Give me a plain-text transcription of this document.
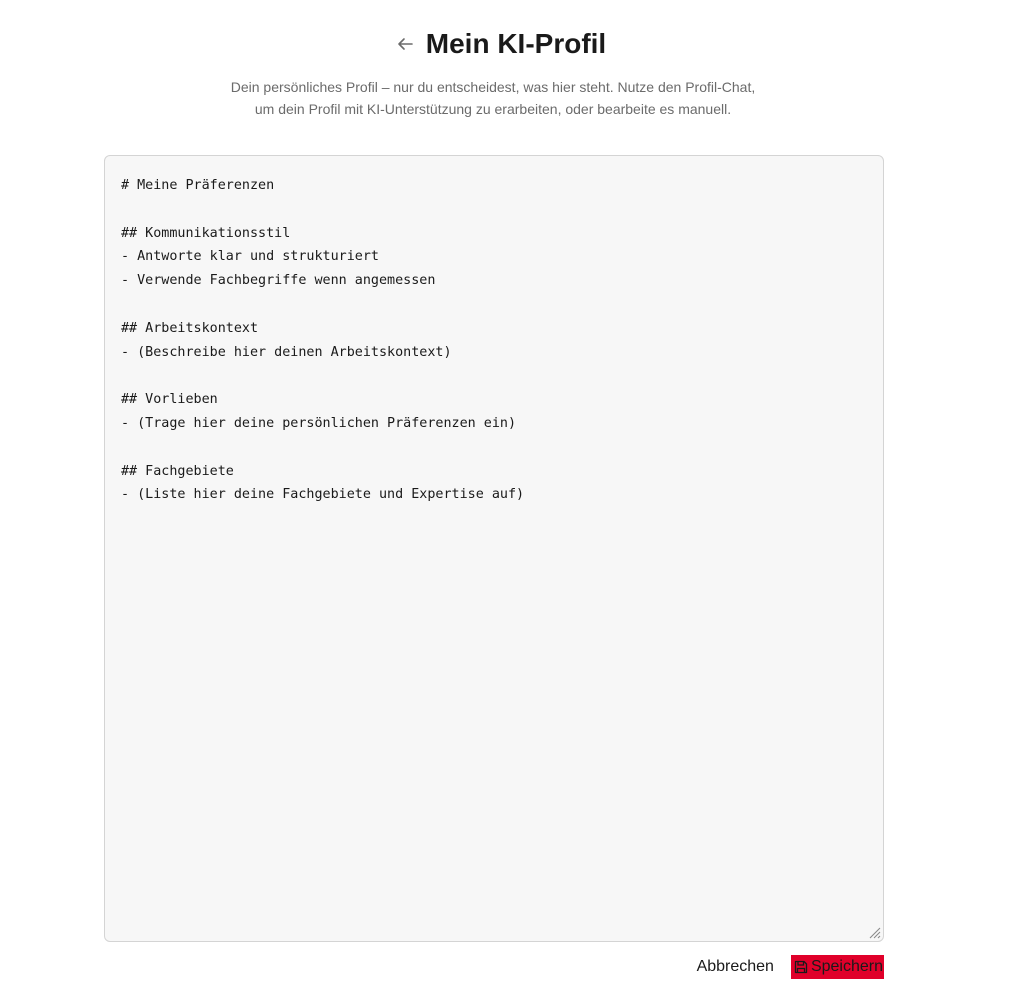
Mein KI-Profil
Dein persönliches Profil – nur du entscheidest, was hier steht. Nutze den Profil-Chat, um dein Profil mit KI-Unterstützung zu erarbeiten, oder bearbeite es manuell.
# Meine Präferenzen ## Kommunikationsstil - Antworte klar und strukturiert - Verwende Fachbegriffe wenn angemessen ## Arbeitskontext - (Beschreibe hier deinen Arbeitskontext) ## Vorlieben - (Trage hier deine persönlichen Präferenzen ein) ## Fachgebiete - (Liste hier deine Fachgebiete und Expertise auf)
Abbrechen Speichern
